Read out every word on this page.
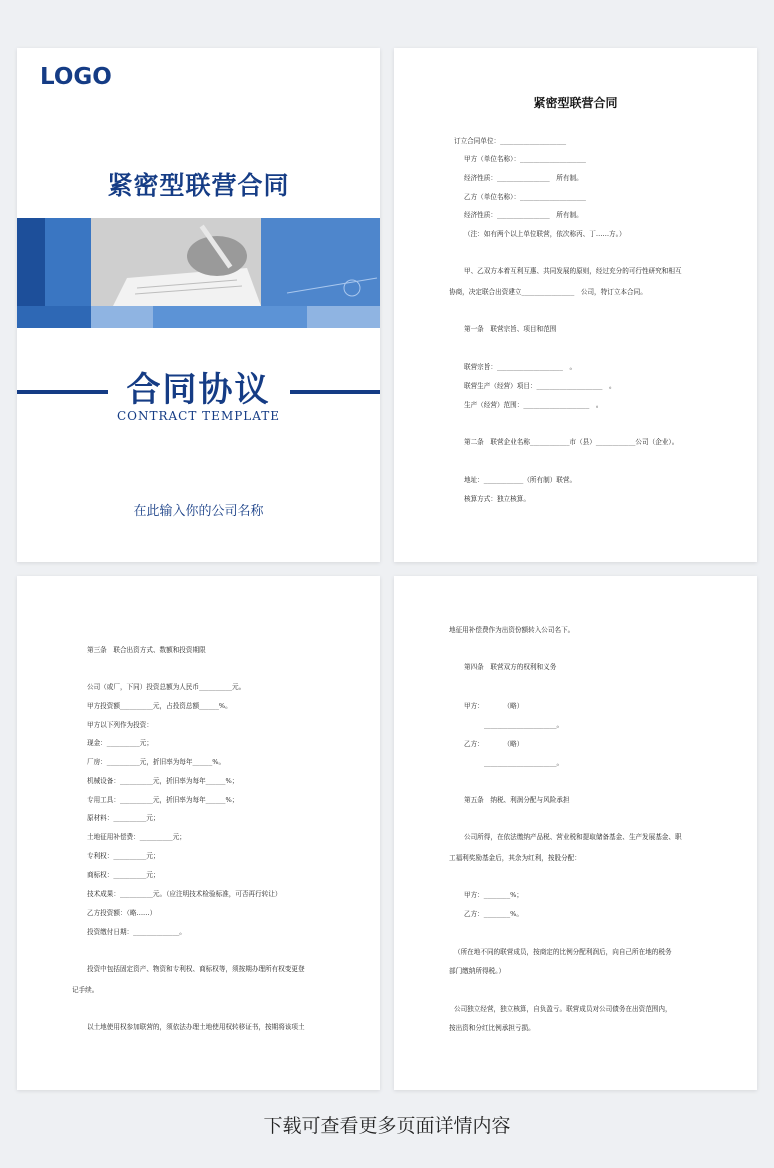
LOGO
紧密型联营合同
合同协议
CONTRACT TEMPLATE
在此输入你的公司名称
紧密型联营合同
订立合同单位：____________________
甲方（单位名称）：____________________
经济性质：________________　所有制。
乙方（单位名称）：____________________
经济性质：________________　所有制。
（注：如有两个以上单位联营，依次称丙、丁……方。）
甲、乙双方本着互利互惠、共同发展的原则，经过充分的可行性研究和相互
协商，决定联合出资建立________________　公司，特订立本合同。
第一条　联营宗旨、项目和范围
联营宗旨：____________________　。
联营生产（经营）项目：____________________　。
生产（经营）范围：____________________　。
第二条　联营企业名称____________市（县）____________公司（企业）。
地址：____________（所有制）联营。
核算方式：独立核算。
第三条　联合出资方式、数额和投资期限
公司（或厂，下同）投资总额为人民币__________元。
甲方投资额__________元，占投资总额______%。
甲方以下列作为投资：
现金：__________元；
厂房：__________元，折旧率为每年______%。
机械设备：__________元，折旧率为每年______%；
专用工具：__________元，折旧率为每年______%；
原材料：__________元；
土地征用补偿费：__________元；
专利权：__________元；
商标权：__________元；
技术成果：__________元。（应注明技术检验标准，可否再行转让）
乙方投资额：（略……）
投资缴付日期：______________。
投资中包括固定资产、物资和专利权、商标权等，须按期办理所有权变更登
记手续。
以土地使用权参加联营的，须依法办理土地使用权转移证书，按期将该项土
地征用补偿费作为出资份额转入公司名下。
第四条　联营双方的权利和义务
甲方：　　　　（略）
______________________。
乙方：　　　　（略）
______________________。
第五条　纳税、利润分配与风险承担
公司所得，在依法缴纳产品税、营业税和提取储备基金、生产发展基金、职
工福利奖励基金后，其余为红利，按股分配：
甲方：________%；
乙方：________%。
（所在地不同的联营成员，按商定的比例分配利润后，向自己所在地的税务
部门缴纳所得税。）
公司独立经营，独立核算，自负盈亏。联营成员对公司债务在出资范围内，
按出资和分红比例承担亏损。
下载可查看更多页面详情内容
